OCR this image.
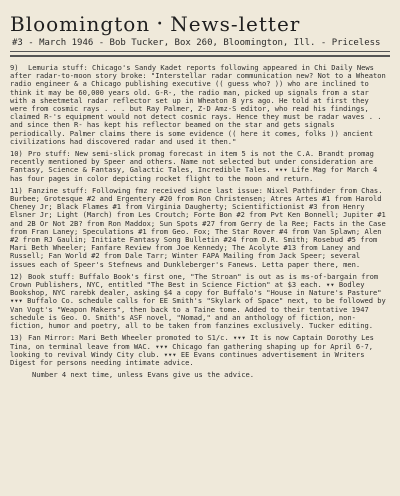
Bloomington · News-letter
#3 - March 1946 - Bob Tucker, Box 260, Bloomington, Ill. - Priceless
9) Lemuria stuff: Chicago's Sandy Kadet reports following appeared in Chi Daily News after radar-to-moon story broke: "Interstellar radar communication new? Not to a Wheaton radio engineer & a Chicago publishing executive (( guess who? )) who are inclined to think it may be 60,000 years old. G-R-, the radio man, picked up signals from a star with a sheetmetal radar reflector set up in Wheaton 8 yrs ago. He told at first they were from cosmic rays . . . but Ray Palmer, Z-D Amz-S editor, who read his findings, claimed R-'s equipment would not detect cosmic rays. Hence they must be radar waves . . and since then R- has kept his reflector beamed on the star and gets signals periodically. Palmer claims there is some evidence (( here it comes, folks )) ancient civilizations had discovered radar and used it then."
10) Pro stuff: New semi-slick promag forecast in item 5 is not the C.A. Brandt promag recently mentioned by Speer and others. Name not selected but under consideration are Fantasy, Science & Fantasy, Galactic Tales, Incredible Tales. ▾▾▾ Life Mag for March 4 has four pages in color depicting rocket flight to the moon and return.
11) Fanzine stuff: Following fmz received since last issue: Nixel Pathfinder from Chas. Burbee; Grotesque #2 and Ergentery #20 from Ron Christensen; Atres Artes #1 from Harold Cheney Jr; Black Flames #1 from Virginia Daugherty; Scientifictionist #3 from Henry Elsner Jr; Light (March) from Les Croutch; Forte Bon #2 from Pvt Ken Bonnell; Jupiter #1 and 2B Or Not 2B? from Ron Maddox; Sun Spots #27 from Gerry de la Ree; Facts in the Case from Fran Laney; Speculations #1 from Geo. Fox; The Star Rover #4 from Van Splawn; Alen #2 from RJ Gaulin; Initiate Fantasy Song Bulletin #24 from D.R. Smith; Rosebud #5 from Mari Beth Wheeler; Fanfare Review from Joe Kennedy; The Acolyte #13 from Laney and Russell; Fan World #2 from Dale Tarr; Winter FAPA Mailing from Jack Speer; several issues each of Speer's Stefnews and Dunkleberger's Fanews. Letta paper there, men.
12) Book stuff: Buffalo Book's first one, "The Stroan" is out as is ms-of-bargain from Crown Publishers, NYC, entitled "The Best in Science Fiction" at $3 each. ▾▾ Bodley Bookshop, NYC rarebk dealer, asking $4 a copy for Buffalo's "House in Nature's Pasture" ▾▾▾ Buffalo Co. schedule calls for EE Smith's "Skylark of Space" next, to be followed by Van Vogt's "Weapon Makers", then back to a Taine tome. Added to their tentative 1947 schedule is Geo. O. Smith's ASF novel, "Nomad," and an anthology of fiction, non-fiction, humor and poetry, all to be taken from fanzines exclusively. Tucker editing.
13) Fan Mirror: Mari Beth Wheeler promoted to S1/c. ▾▾▾ It is now Captain Dorothy Les Tina, on terminal leave from WAC. ▾▾▾ Chicago fan gathering shaping up for April 6-7, looking to revival Windy City club. ▾▾▾ EE Evans continues advertisement in Writers Digest for persons needing intimate advice.
Number 4 next time, unless Evans give us the advice.
